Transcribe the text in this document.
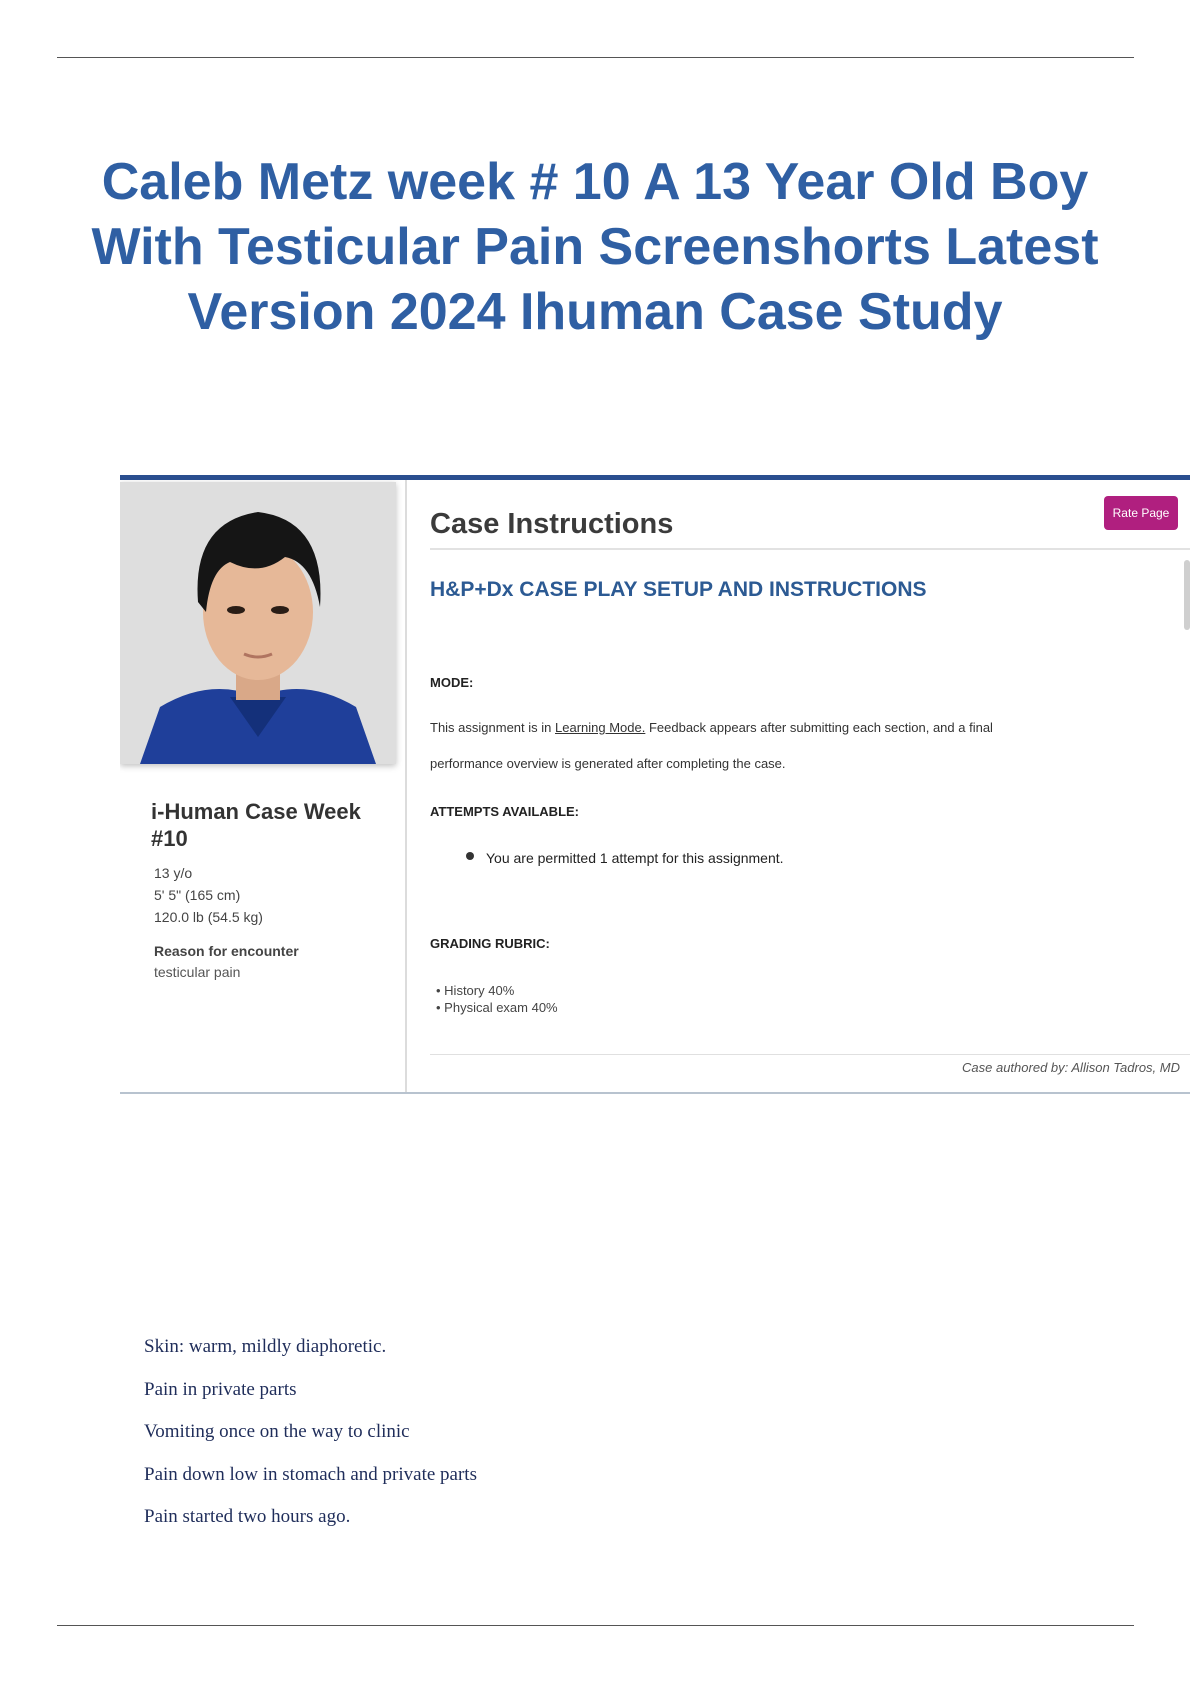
Caleb Metz week # 10 A 13 Year Old Boy With Testicular Pain Screenshorts Latest Version 2024 Ihuman Case Study
i-Human Case Week #10
13 y/o
5' 5" (165 cm)
120.0 lb (54.5 kg)
Reason for encounter
testicular pain
Case Instructions	Rate Page
H&P+Dx CASE PLAY SETUP AND INSTRUCTIONS
MODE:
This assignment is in Learning Mode. Feedback appears after submitting each section, and a final
performance overview is generated after completing the case.
ATTEMPTS AVAILABLE:
You are permitted 1 attempt for this assignment.
GRADING RUBRIC:
• History 40%
• Physical exam 40%
Case authored by: Allison Tadros, MD
Skin: warm, mildly diaphoretic.
Pain in private parts
Vomiting once on the way to clinic
Pain down low in stomach and private parts
Pain started two hours ago.
